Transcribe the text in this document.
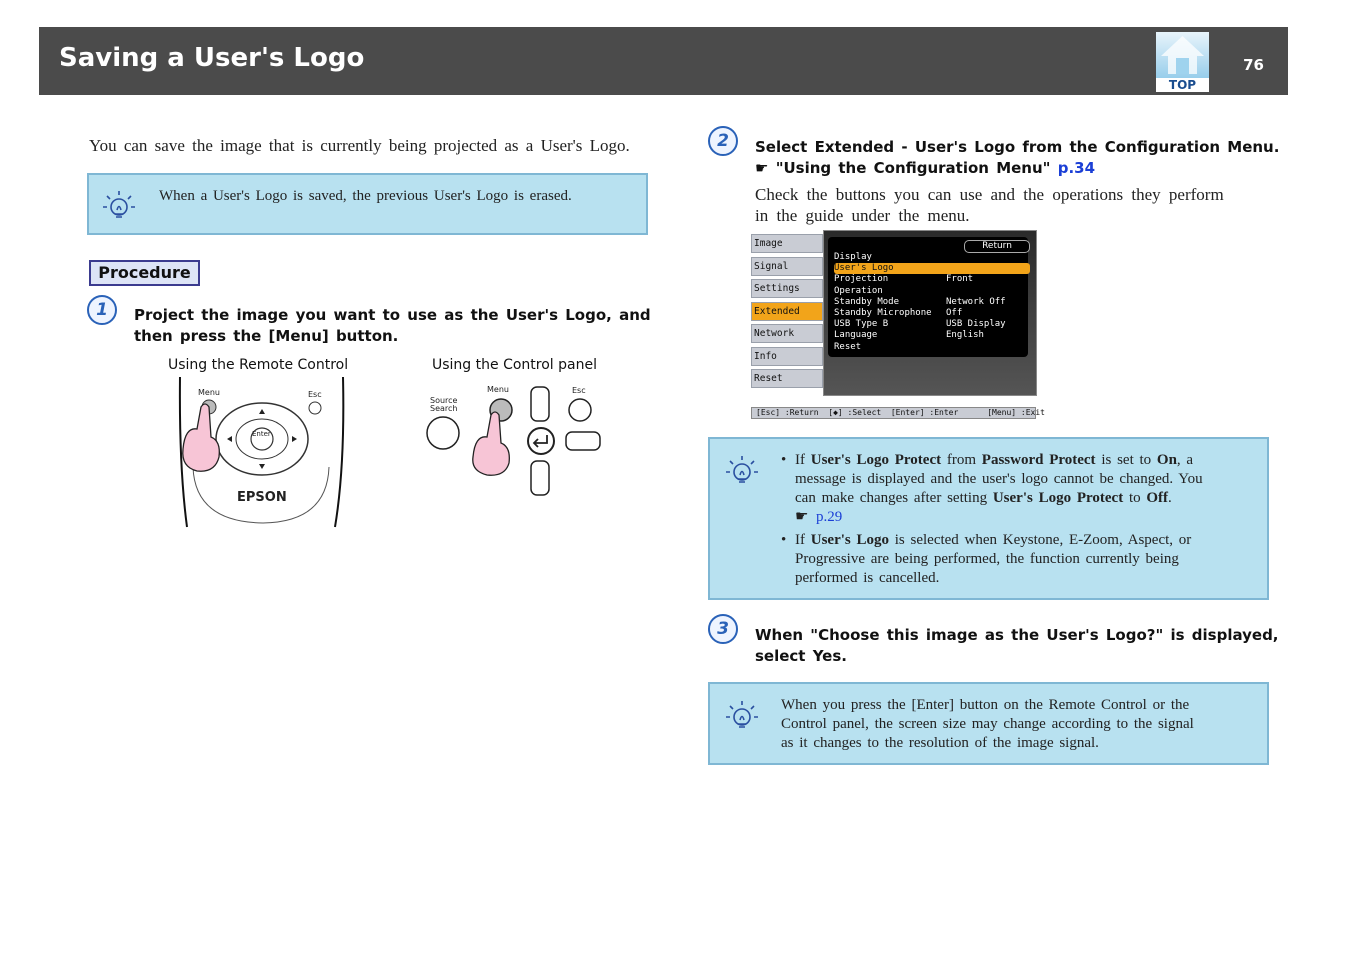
Saving a User's Logo	76
TOP
You can save the image that is currently being projected as a User's Logo.
When a User's Logo is saved, the previous User's Logo is erased.
Procedure
1	Project the image you want to use as the User's Logo, and
then press the [Menu] button.
Using the Remote Control	Using the Control panel
Menu	Esc
Enter
EPSON
Source
Search
Menu	Esc
2	Select Extended - User's Logo from the Configuration Menu.
☛ "Using the Configuration Menu" p.34
Check the buttons you can use and the operations they perform
in the guide under the menu.
Image
Signal
Settings
Extended
Network
Info
Reset
Return
Display
User's Logo
Projection	Front
Operation
Standby Mode	Network Off
Standby Microphone Off
USB Type B	USB Display
Language	English
Reset
[Esc] :Return  [◆] :Select  [Enter] :Enter      [Menu] :Exit
• If User's Logo Protect from Password Protect is set to On, a
message is displayed and the user's logo cannot be changed. You
can make changes after setting User's Logo Protect to Off.
☛ p.29
• If User's Logo is selected when Keystone, E-Zoom, Aspect, or
Progressive are being performed, the function currently being
performed is cancelled.
3	When "Choose this image as the User's Logo?" is displayed,
select Yes.
When you press the [Enter] button on the Remote Control or the
Control panel, the screen size may change according to the signal
as it changes to the resolution of the image signal.
